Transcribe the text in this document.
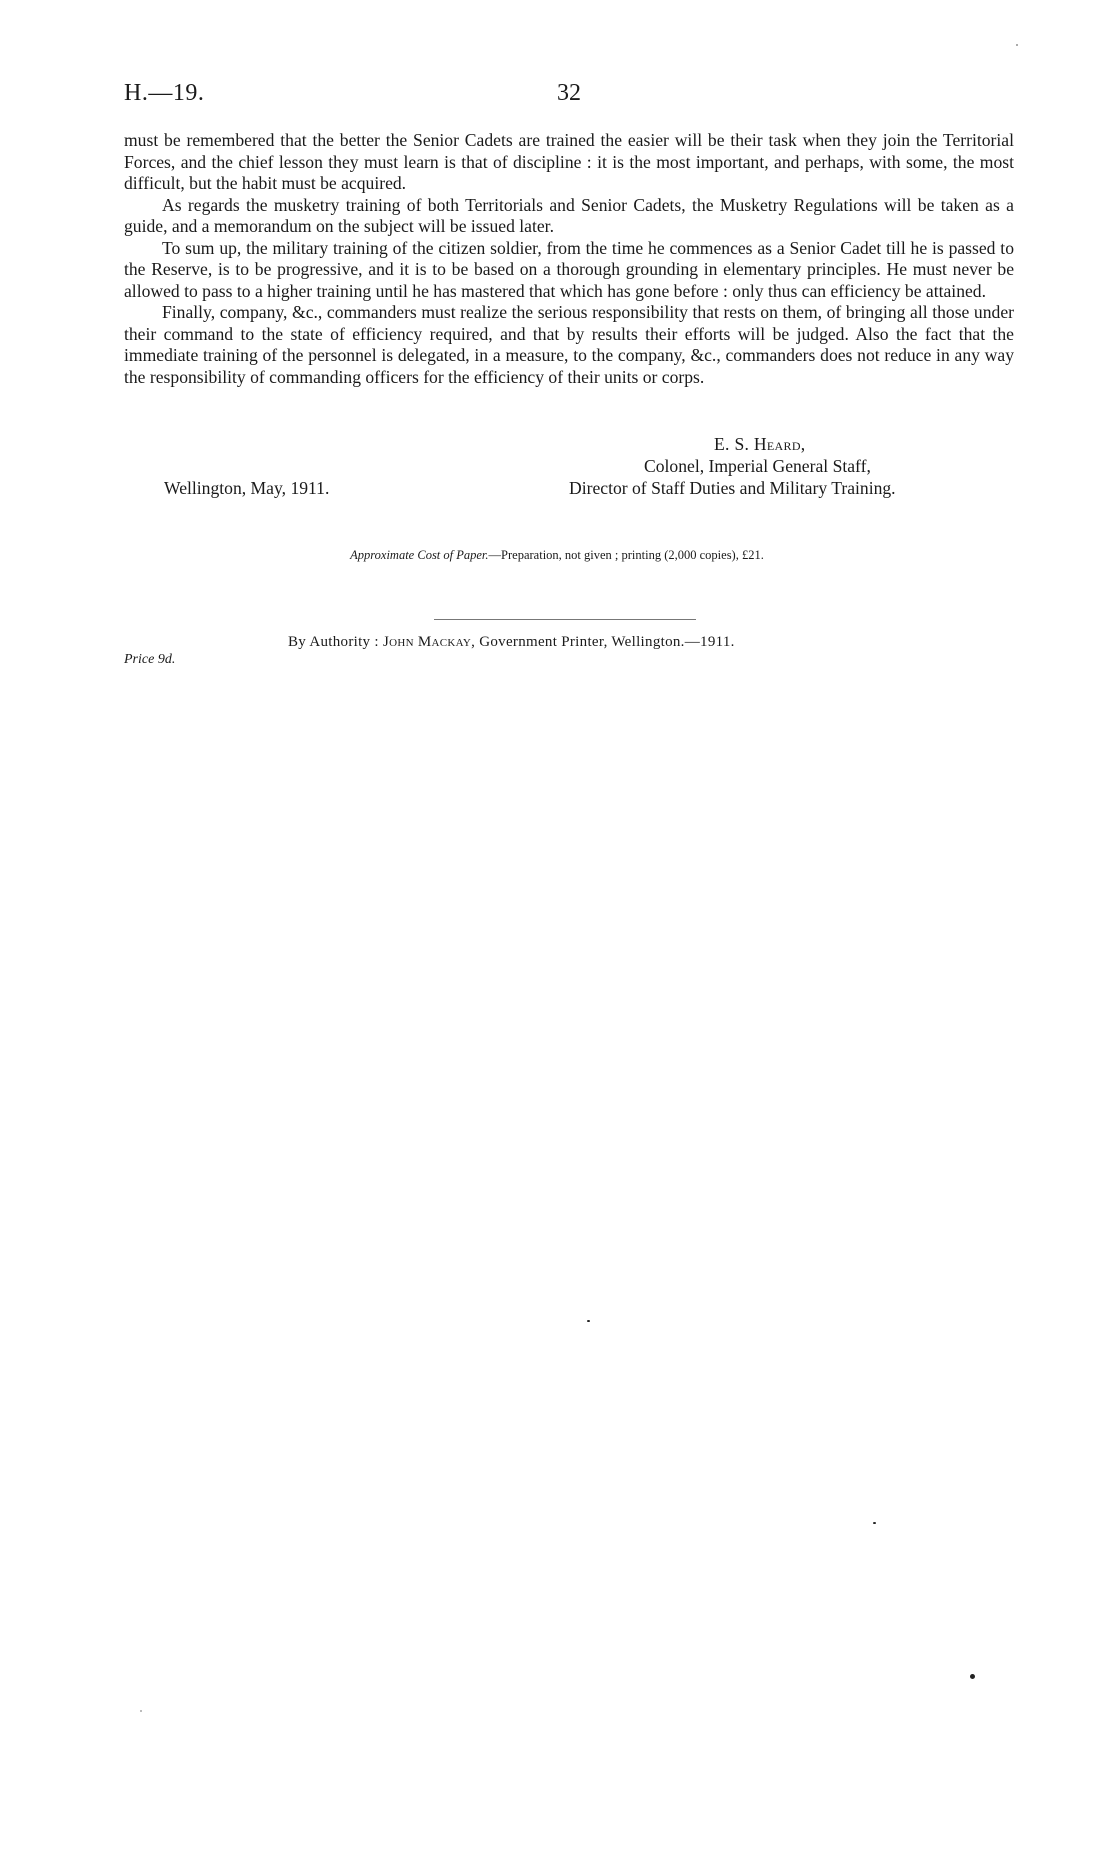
H.—19.	32

must be remembered that the better the Senior Cadets are trained the easier will be their task when they join the Territorial Forces, and the chief lesson they must learn is that of discipline : it is the most important, and perhaps, with some, the most difficult, but the habit must be acquired.

As regards the musketry training of both Territorials and Senior Cadets, the Musketry Regulations will be taken as a guide, and a memorandum on the subject will be issued later.

To sum up, the military training of the citizen soldier, from the time he commences as a Senior Cadet till he is passed to the Reserve, is to be progressive, and it is to be based on a thorough grounding in elementary principles. He must never be allowed to pass to a higher training until he has mastered that which has gone before : only thus can efficiency be attained.

Finally, company, &c., commanders must realize the serious responsibility that rests on them, of bringing all those under their command to the state of efficiency required, and that by results their efforts will be judged. Also the fact that the immediate training of the personnel is delegated, in a measure, to the company, &c., commanders does not reduce in any way the responsibility of commanding officers for the efficiency of their units or corps.

E. S. Heard,
Colonel, Imperial General Staff,
Wellington, May, 1911.	Director of Staff Duties and Military Training.
Approximate Cost of Paper.—Preparation, not given ; printing (2,000 copies), £21.
By Authority : John Mackay, Government Printer, Wellington.—1911.
Price 9d.
